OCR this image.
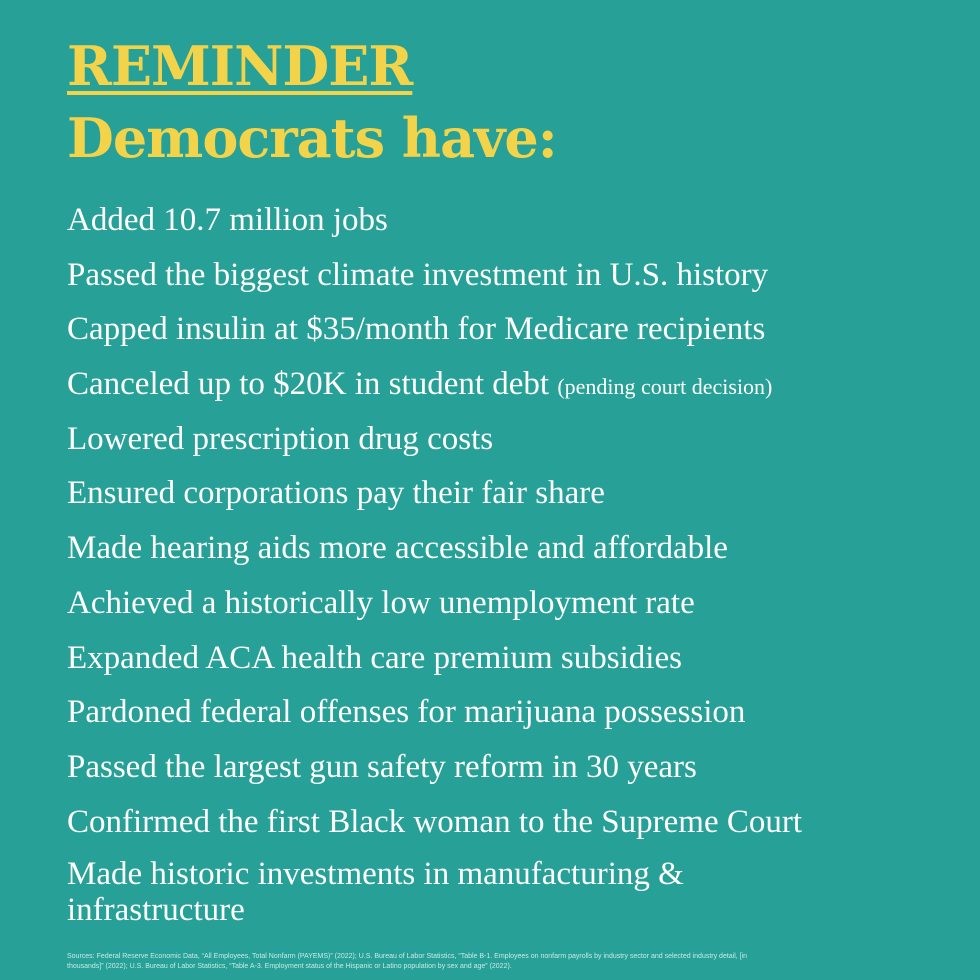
REMINDER
Democrats have:
Added 10.7 million jobs
Passed the biggest climate investment in U.S. history
Capped insulin at $35/month for Medicare recipients
Canceled up to $20K in student debt (pending court decision)
Lowered prescription drug costs
Ensured corporations pay their fair share
Made hearing aids more accessible and affordable
Achieved a historically low unemployment rate
Expanded ACA health care premium subsidies
Pardoned federal offenses for marijuana possession
Passed the largest gun safety reform in 30 years
Confirmed the first Black woman to the Supreme Court
Made historic investments in manufacturing & infrastructure

Sources: Federal Reserve Economic Data, “All Employees, Total Nonfarm (PAYEMS)” (2022); U.S. Bureau of Labor Statistics, “Table B-1. Employees on nonfarm payrolls by industry sector and selected industry detail, [in thousands]” (2022); U.S. Bureau of Labor Statistics, “Table A-3. Employment status of the Hispanic or Latino population by sex and age” (2022).
